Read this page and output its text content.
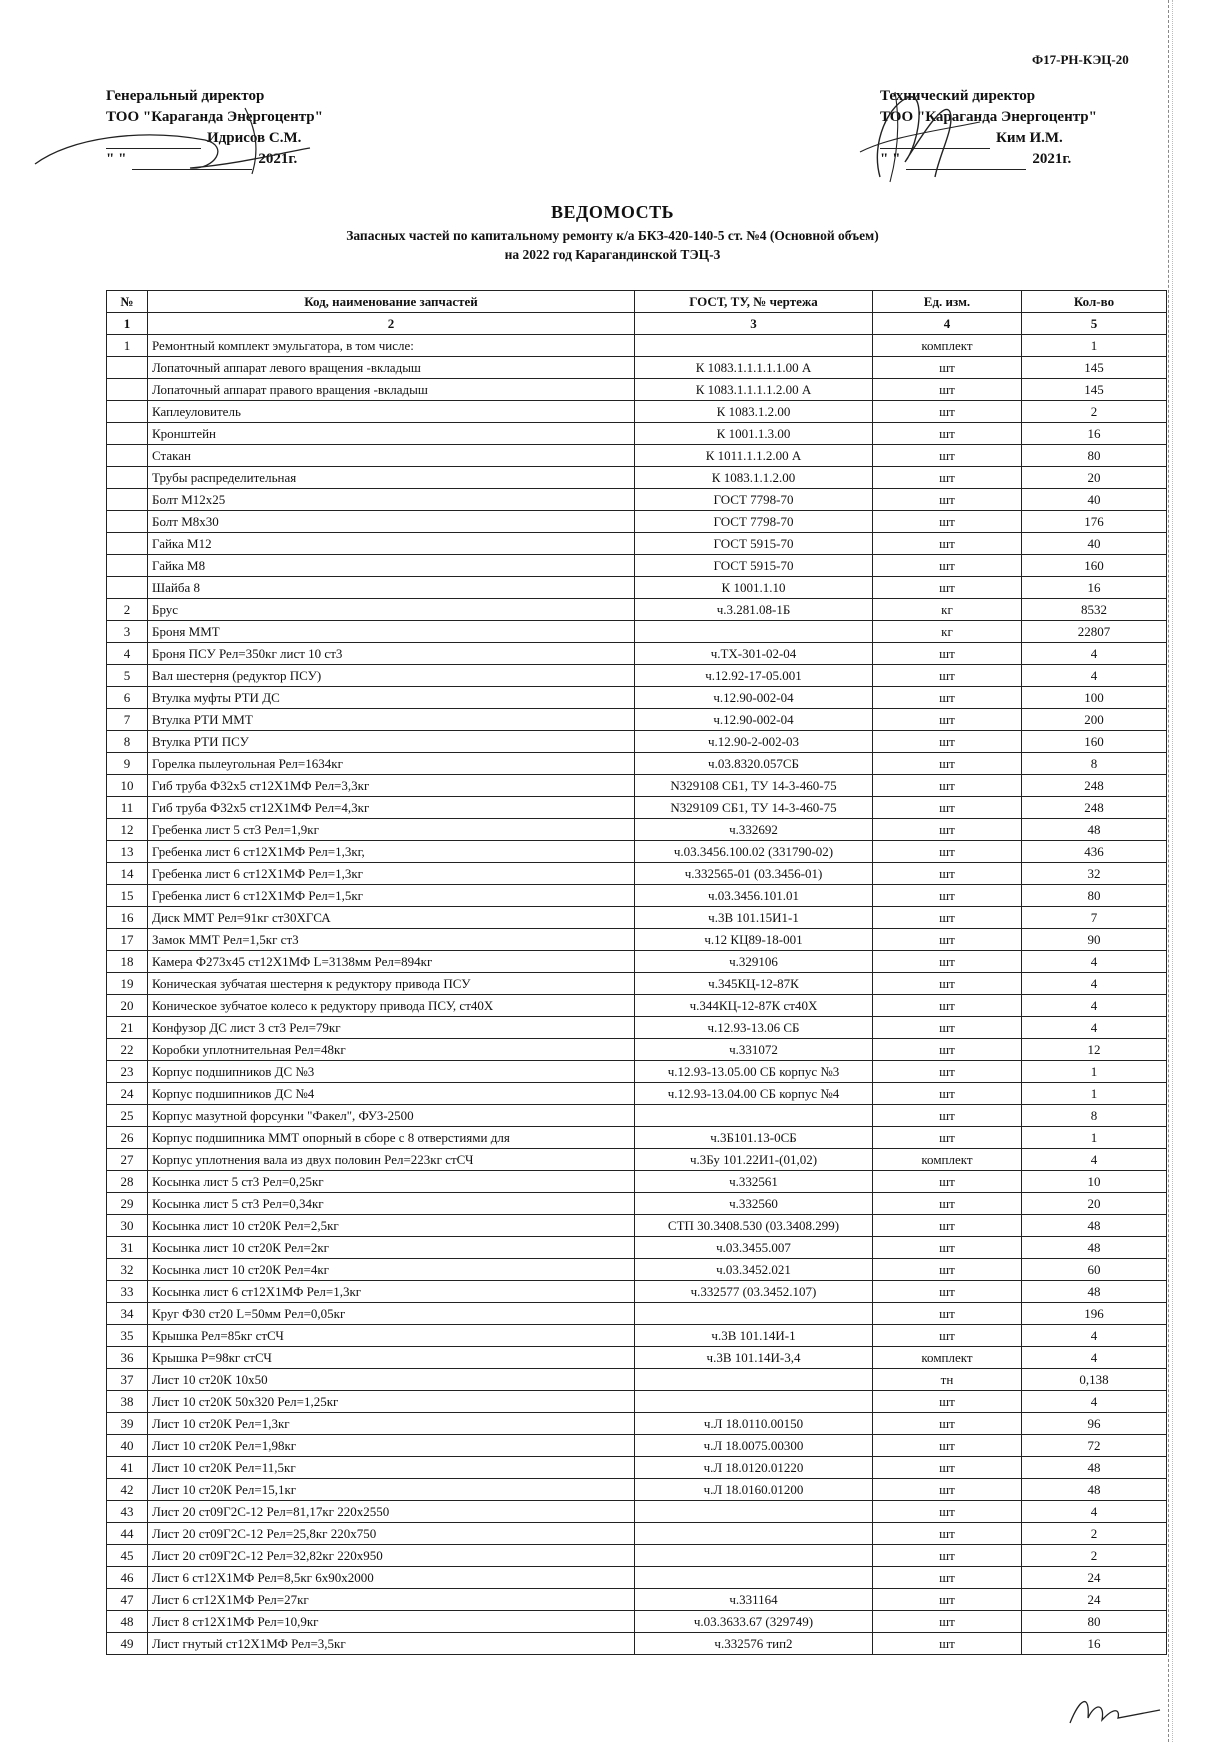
Ф17-РН-КЭЦ-20
Генеральный директор
ТОО "Караганда Энергоцентр"
Идрисов С.М.
" "	2021г.
Технический директор
ТОО "Караганда Энергоцентр"
Ким И.М.
" "	2021г.
ВЕДОМОСТЬ
Запасных частей по капитальному ремонту к/а БКЗ-420-140-5 ст. №4 (Основной объем)
на 2022 год Карагандинской ТЭЦ-3
№	Код, наименование запчастей	ГОСТ, ТУ, № чертежа	Ед. изм.	Кол-во
1	2	3	4	5
1	Ремонтный комплект эмульгатора, в том числе:		комплект	1
	Лопаточный аппарат левого вращения -вкладыш	К 1083.1.1.1.1.1.00 А	шт	145
	Лопаточный аппарат правого вращения -вкладыш	К 1083.1.1.1.1.2.00 А	шт	145
	Каплеуловитель	К 1083.1.2.00	шт	2
	Кронштейн	К 1001.1.3.00	шт	16
	Стакан	К 1011.1.1.2.00 А	шт	80
	Трубы распределительная	К 1083.1.1.2.00	шт	20
	Болт М12х25	ГОСТ 7798-70	шт	40
	Болт М8х30	ГОСТ 7798-70	шт	176
	Гайка М12	ГОСТ 5915-70	шт	40
	Гайка М8	ГОСТ 5915-70	шт	160
	Шайба 8	К 1001.1.10	шт	16
2	Брус	ч.3.281.08-1Б	кг	8532
3	Броня ММТ		кг	22807
4	Броня ПСУ Рел=350кг лист 10 ст3	ч.ТХ-301-02-04	шт	4
5	Вал шестерня (редуктор ПСУ)	ч.12.92-17-05.001	шт	4
6	Втулка муфты РТИ ДС	ч.12.90-002-04	шт	100
7	Втулка РТИ ММТ	ч.12.90-002-04	шт	200
8	Втулка РТИ ПСУ	ч.12.90-2-002-03	шт	160
9	Горелка пылеугольная Рел=1634кг	ч.03.8320.057СБ	шт	8
10	Гиб труба Ф32х5 ст12Х1МФ Рел=3,3кг	N329108 СБ1, ТУ 14-3-460-75	шт	248
11	Гиб труба Ф32х5 ст12Х1МФ Рел=4,3кг	N329109 СБ1, ТУ 14-3-460-75	шт	248
12	Гребенка лист 5 ст3 Рел=1,9кг	ч.332692	шт	48
13	Гребенка лист 6 ст12Х1МФ Рел=1,3кг,	ч.03.3456.100.02 (331790-02)	шт	436
14	Гребенка лист 6 ст12Х1МФ Рел=1,3кг	ч.332565-01 (03.3456-01)	шт	32
15	Гребенка лист 6 ст12Х1МФ Рел=1,5кг	ч.03.3456.101.01	шт	80
16	Диск ММТ Рел=91кг ст30ХГСА	ч.3В 101.15И1-1	шт	7
17	Замок ММТ Рел=1,5кг ст3	ч.12 КЦ89-18-001	шт	90
18	Камера Ф273х45 ст12Х1МФ L=3138мм Рел=894кг	ч.329106	шт	4
19	Коническая зубчатая шестерня к редуктору привода ПСУ	ч.345КЦ-12-87К	шт	4
20	Коническое зубчатое колесо к редуктору привода ПСУ, ст40Х	ч.344КЦ-12-87К ст40Х	шт	4
21	Конфузор ДС лист 3 ст3 Рел=79кг	ч.12.93-13.06 СБ	шт	4
22	Коробки уплотнительная Рел=48кг	ч.331072	шт	12
23	Корпус подшипников ДС №3	ч.12.93-13.05.00 СБ корпус №3	шт	1
24	Корпус подшипников ДС №4	ч.12.93-13.04.00 СБ корпус №4	шт	1
25	Корпус мазутной форсунки "Факел", ФУЗ-2500		шт	8
26	Корпус подшипника ММТ опорный в сборе с 8 отверстиями для	ч.3Б101.13-0СБ	шт	1
27	Корпус уплотнения вала из двух половин Рел=223кг стСЧ	ч.3Бу 101.22И1-(01,02)	комплект	4
28	Косынка лист 5 ст3 Рел=0,25кг	ч.332561	шт	10
29	Косынка лист 5 ст3 Рел=0,34кг	ч.332560	шт	20
30	Косынка лист 10 ст20К Рел=2,5кг	СТП 30.3408.530 (03.3408.299)	шт	48
31	Косынка лист 10 ст20К Рел=2кг	ч.03.3455.007	шт	48
32	Косынка лист 10 ст20К Рел=4кг	ч.03.3452.021	шт	60
33	Косынка лист 6 ст12Х1МФ Рел=1,3кг	ч.332577 (03.3452.107)	шт	48
34	Круг Ф30 ст20 L=50мм Рел=0,05кг		шт	196
35	Крышка Рел=85кг стСЧ	ч.3В 101.14И-1	шт	4
36	Крышка Р=98кг стСЧ	ч.3В 101.14И-3,4	комплект	4
37	Лист 10 ст20К 10х50		тн	0,138
38	Лист 10 ст20К 50х320 Рел=1,25кг		шт	4
39	Лист 10 ст20К Рел=1,3кг	ч.Л 18.0110.00150	шт	96
40	Лист 10 ст20К Рел=1,98кг	ч.Л 18.0075.00300	шт	72
41	Лист 10 ст20К Рел=11,5кг	ч.Л 18.0120.01220	шт	48
42	Лист 10 ст20К Рел=15,1кг	ч.Л 18.0160.01200	шт	48
43	Лист 20 ст09Г2С-12 Рел=81,17кг 220х2550		шт	4
44	Лист 20 ст09Г2С-12 Рел=25,8кг 220х750		шт	2
45	Лист 20 ст09Г2С-12 Рел=32,82кг 220х950		шт	2
46	Лист 6 ст12Х1МФ Рел=8,5кг 6х90х2000		шт	24
47	Лист 6 ст12Х1МФ Рел=27кг	ч.331164	шт	24
48	Лист 8 ст12Х1МФ Рел=10,9кг	ч.03.3633.67 (329749)	шт	80
49	Лист гнутый ст12Х1МФ Рел=3,5кг	ч.332576 тип2	шт	16
